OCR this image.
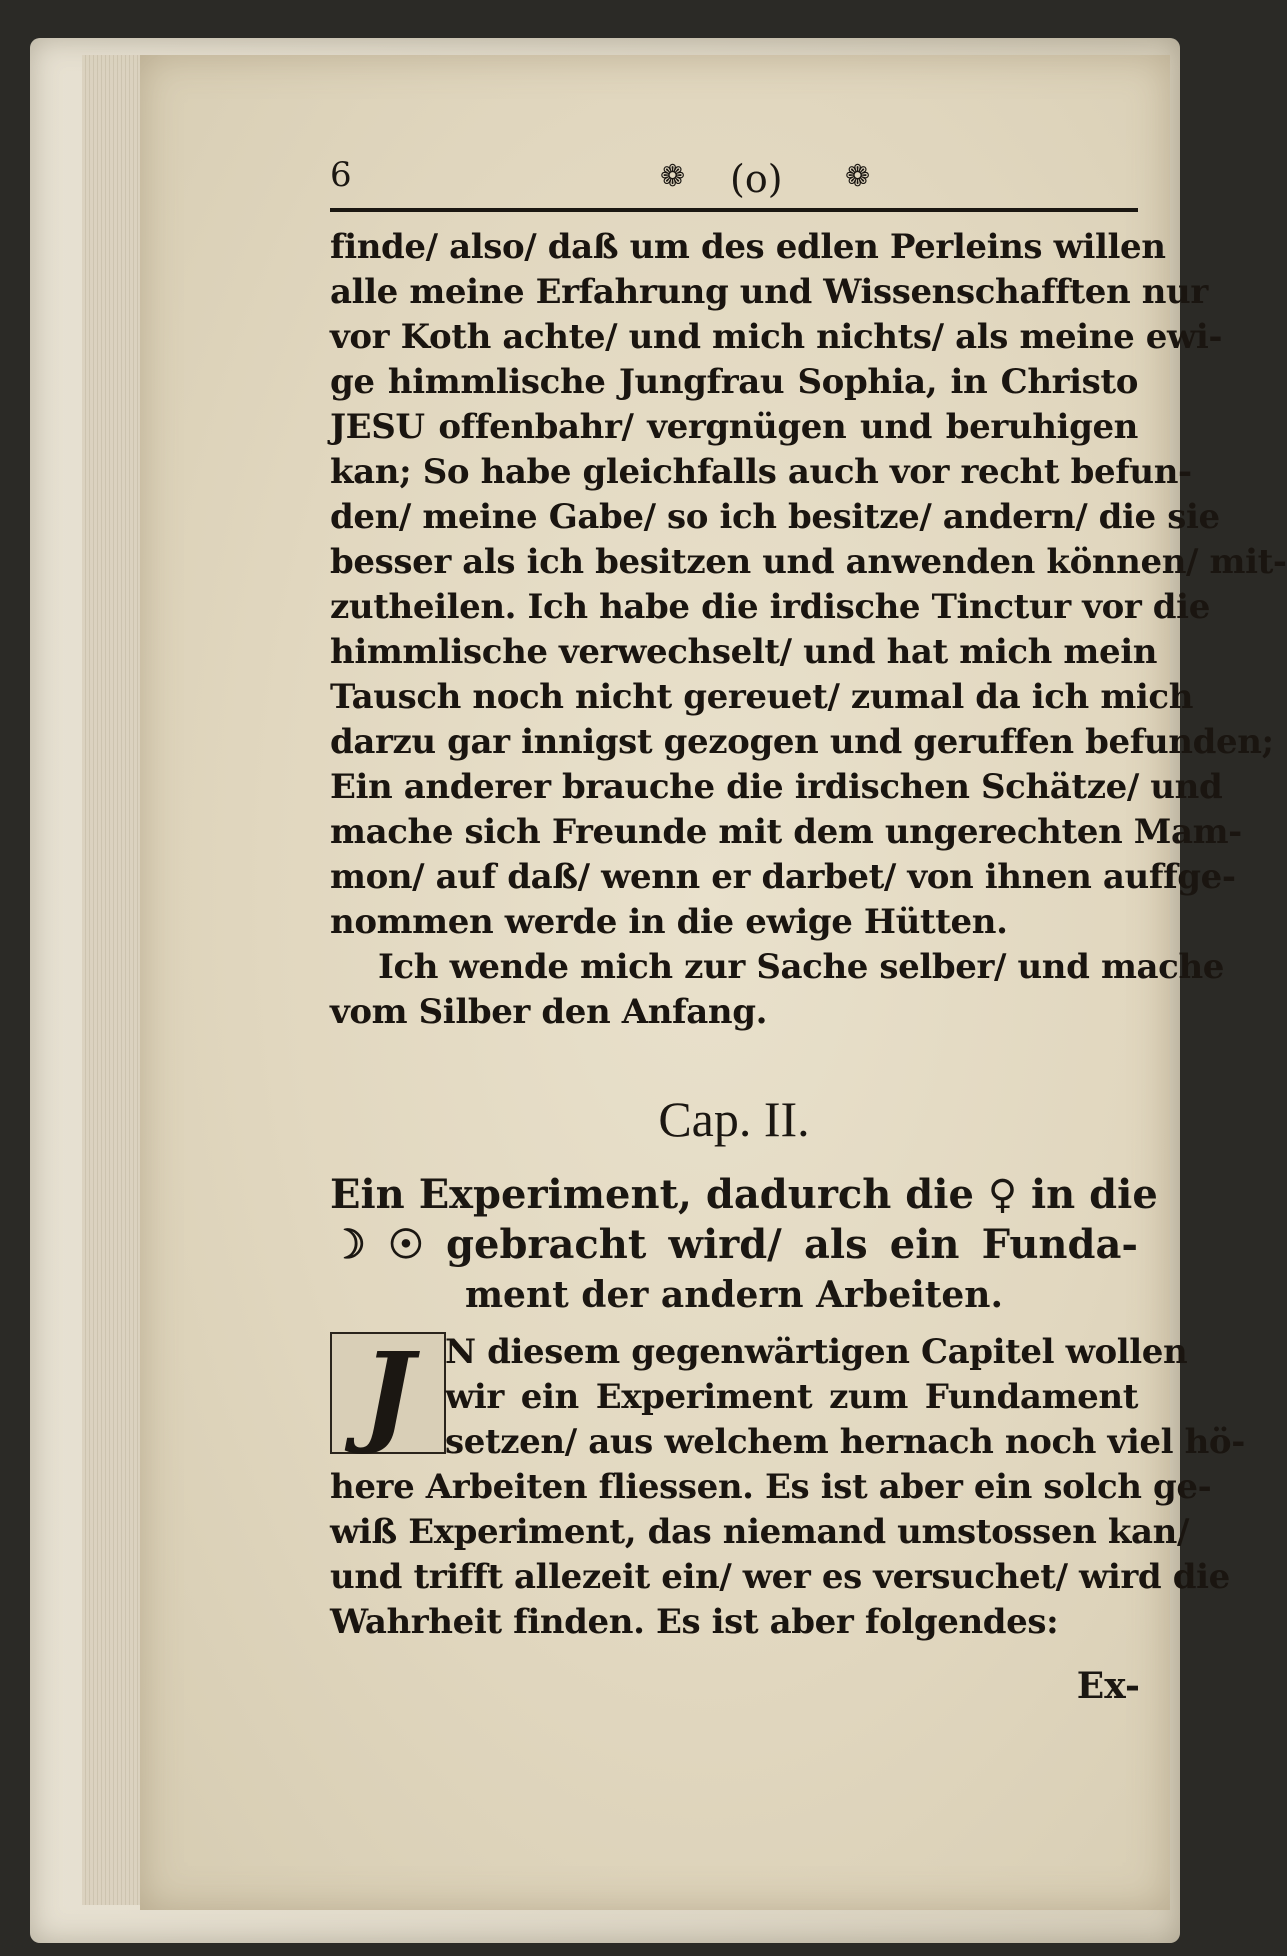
6	❁ (o) ❁
finde/ also/ daß um des edlen Perleins willen
alle meine Erfahrung und Wissenschafften nur
vor Koth achte/ und mich nichts/ als meine ewi-
ge himmlische Jungfrau Sophia, in Christo
JESU offenbahr/ vergnügen und beruhigen
kan; So habe gleichfalls auch vor recht befun-
den/ meine Gabe/ so ich besitze/ andern/ die sie
besser als ich besitzen und anwenden können/ mit-
zutheilen. Ich habe die irdische Tinctur vor die
himmlische verwechselt/ und hat mich mein
Tausch noch nicht gereuet/ zumal da ich mich
darzu gar innigst gezogen und geruffen befunden;
Ein anderer brauche die irdischen Schätze/ und
mache sich Freunde mit dem ungerechten Mam-
mon/ auf daß/ wenn er darbet/ von ihnen auffge-
nommen werde in die ewige Hütten.
Ich wende mich zur Sache selber/ und mache
vom Silber den Anfang.
Cap. II.
Ein Experiment, dadurch die ♀ in die
☽ ☉ gebracht wird/ als ein Funda-
ment der andern Arbeiten.
J N diesem gegenwärtigen Capitel wollen
wir ein Experiment zum Fundament
setzen/ aus welchem hernach noch viel hö-
here Arbeiten fliessen. Es ist aber ein solch ge-
wiß Experiment, das niemand umstossen kan/
und trifft allezeit ein/ wer es versuchet/ wird die
Wahrheit finden. Es ist aber folgendes:
Ex-
